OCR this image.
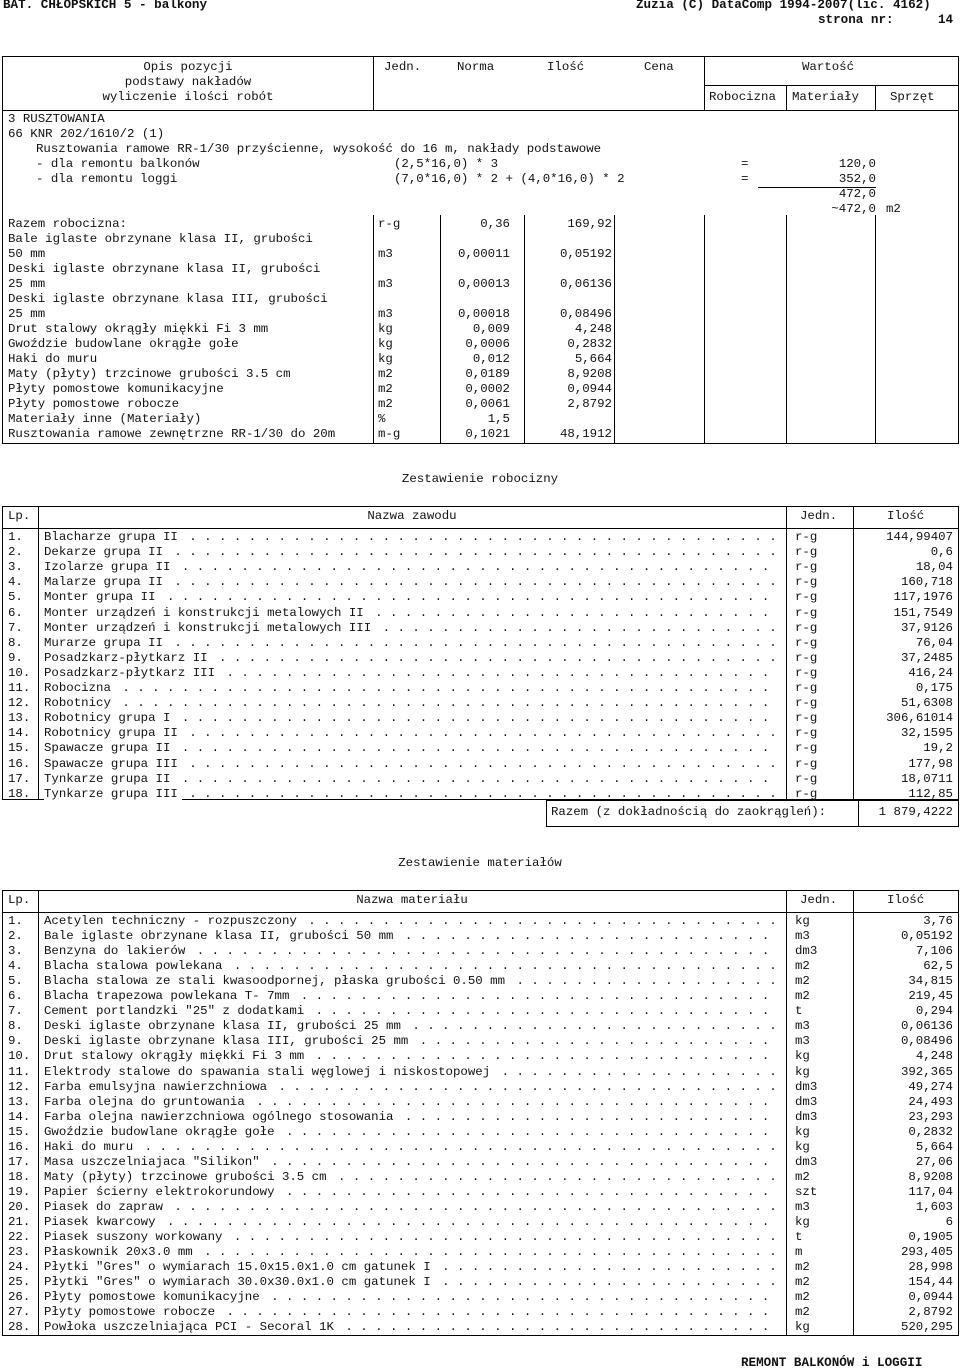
BAT. CHŁOPSKICH 5 - balkony	Zuzia (C) DataComp 1994-2007(lic. 4162)
strona nr:	14
Opis pozycji
podstawy nakładów
wyliczenie ilości robót
Jedn.	Norma	Ilość	Cena	Wartość
Robocizna Materiały	Sprzęt
3 RUSZTOWANIA
66 KNR 202/1610/2 (1)
Rusztowania ramowe RR-1/30 przyścienne, wysokość do 16 m, nakłady podstawowe
- dla remontu balkonów	(2,5*16,0) * 3	=	120,0
- dla remontu loggi	(7,0*16,0) * 2 + (4,0*16,0) * 2	=	352,0
472,0
~472,0 m2
Razem robocizna:	r-g	0,36	169,92
Bale iglaste obrzynane klasa II, grubości
50 mm	m3	0,00011	0,05192
Deski iglaste obrzynane klasa II, grubości
25 mm	m3	0,00013	0,06136
Deski iglaste obrzynane klasa III, grubości
25 mm	m3	0,00018	0,08496
Drut stalowy okrągły miękki Fi 3 mm	kg	0,009	4,248
Gwoździe budowlane okrągłe gołe	kg	0,0006	0,2832
Haki do muru	kg	0,012	5,664
Maty (płyty) trzcinowe grubości 3.5 cm	m2	0,0189	8,9208
Płyty pomostowe komunikacyjne	m2	0,0002	0,0944
Płyty pomostowe robocze	m2	0,0061	2,8792
Materiały inne (Materiały)	%	1,5
Rusztowania ramowe zewnętrzne RR-1/30 do 20m	m-g	0,1021	48,1912
Zestawienie robocizny
Lp.	Nazwa zawodu	Jedn.	Ilość
1. Blacharze grupa II . . . . . . . . . . . . . . . . . . . . . . . . . . . . . . . . . . . . . . . .	r-g	144,99407
2. Dekarze grupa II . . . . . . . . . . . . . . . . . . . . . . . . . . . . . . . . . . . . . . . . .	r-g	0,6
3. Izolarze grupa II . . . . . . . . . . . . . . . . . . . . . . . . . . . . . . . . . . . . . . . .	r-g	18,04
4. Malarze grupa II . . . . . . . . . . . . . . . . . . . . . . . . . . . . . . . . . . . . . . . . .	r-g	160,718
5. Monter grupa II . . . . . . . . . . . . . . . . . . . . . . . . . . . . . . . . . . . . . . . . .	r-g	117,1976
6. Monter urządzeń i konstrukcji metalowych II . . . . . . . . . . . . . . . . . . . . . . . . . . .	r-g	151,7549
7. Monter urządzeń i konstrukcji metalowych III . . . . . . . . . . . . . . . . . . . . . . . . . . .	r-g	37,9126
8. Murarze grupa II . . . . . . . . . . . . . . . . . . . . . . . . . . . . . . . . . . . . . . . . .	r-g	76,04
9. Posadzkarz-płytkarz II . . . . . . . . . . . . . . . . . . . . . . . . . . . . . . . . . . . . . .	r-g	37,2485
10. Posadzkarz-płytkarz III . . . . . . . . . . . . . . . . . . . . . . . . . . . . . . . . . . . . .	r-g	416,24
11. Robocizna . . . . . . . . . . . . . . . . . . . . . . . . . . . . . . . . . . . . . . . . . . . .	r-g	0,175
12. Robotnicy . . . . . . . . . . . . . . . . . . . . . . . . . . . . . . . . . . . . . . . . . . . .	r-g	51,6308
13. Robotnicy grupa I . . . . . . . . . . . . . . . . . . . . . . . . . . . . . . . . . . . . . . . .	r-g	306,61014
14. Robotnicy grupa II . . . . . . . . . . . . . . . . . . . . . . . . . . . . . . . . . . . . . . . .	r-g	32,1595
15. Spawacze grupa II . . . . . . . . . . . . . . . . . . . . . . . . . . . . . . . . . . . . . . . .	r-g	19,2
16. Spawacze grupa III . . . . . . . . . . . . . . . . . . . . . . . . . . . . . . . . . . . . . . . .	r-g	177,98
17. Tynkarze grupa II . . . . . . . . . . . . . . . . . . . . . . . . . . . . . . . . . . . . . . . .	r-g	18,0711
18. Tynkarze grupa III . . . . . . . . . . . . . . . . . . . . . . . . . . . . . . . . . . . . . . . .	r-g	112,85
Razem (z dokładnością do zaokrągleń):	1 879,4222
Zestawienie materiałów
Lp.	Nazwa materiału	Jedn.	Ilość
1. Acetylen techniczny - rozpuszczony . . . . . . . . . . . . . . . . . . . . . . . . . . . . . . . .	kg	3,76
2. Bale iglaste obrzynane klasa II, grubości 50 mm . . . . . . . . . . . . . . . . . . . . . . . . .	m3	0,05192
3. Benzyna do lakierów . . . . . . . . . . . . . . . . . . . . . . . . . . . . . . . . . . . . . . .	dm3	7,106
4. Blacha stalowa powlekana . . . . . . . . . . . . . . . . . . . . . . . . . . . . . . . . . . . . .	m2	62,5
5. Blacha stalowa ze stali kwasoodpornej, płaska grubości 0.50 mm . . . . . . . . . . . . . . . . . .	m2	34,815
6. Blacha trapezowa powlekana T- 7mm . . . . . . . . . . . . . . . . . . . . . . . . . . . . . . . .	m2	219,45
7. Cement portlandzki "25" z dodatkami . . . . . . . . . . . . . . . . . . . . . . . . . . . . . . .	t	0,294
8. Deski iglaste obrzynane klasa II, grubości 25 mm . . . . . . . . . . . . . . . . . . . . . . . . .	m3	0,06136
9. Deski iglaste obrzynane klasa III, grubości 25 mm . . . . . . . . . . . . . . . . . . . . . . . .	m3	0,08496
10. Drut stalowy okrągły miękki Fi 3 mm . . . . . . . . . . . . . . . . . . . . . . . . . . . . . . .	kg	4,248
11. Elektrody stalowe do spawania stali węglowej i niskostopowej . . . . . . . . . . . . . . . . . . .	kg	392,365
12. Farba emulsyjna nawierzchniowa . . . . . . . . . . . . . . . . . . . . . . . . . . . . . . . . . .	dm3	49,274
13. Farba olejna do gruntowania . . . . . . . . . . . . . . . . . . . . . . . . . . . . . . . . . . .	dm3	24,493
14. Farba olejna nawierzchniowa ogólnego stosowania . . . . . . . . . . . . . . . . . . . . . . . . .	dm3	23,293
15. Gwoździe budowlane okrągłe gołe . . . . . . . . . . . . . . . . . . . . . . . . . . . . . . . . .	kg	0,2832
16. Haki do muru . . . . . . . . . . . . . . . . . . . . . . . . . . . . . . . . . . . . . . . . . . .	kg	5,664
17. Masa uszczelniajaca "Silikon" . . . . . . . . . . . . . . . . . . . . . . . . . . . . . . . . . .	dm3	27,06
18. Maty (płyty) trzcinowe grubości 3.5 cm . . . . . . . . . . . . . . . . . . . . . . . . . . . . . .	m2	8,9208
19. Papier ścierny elektrokorundowy . . . . . . . . . . . . . . . . . . . . . . . . . . . . . . . . .	szt	117,04
20. Piasek do zapraw . . . . . . . . . . . . . . . . . . . . . . . . . . . . . . . . . . . . . . . . .	m3	1,603
21. Piasek kwarcowy . . . . . . . . . . . . . . . . . . . . . . . . . . . . . . . . . . . . . . . . .	kg	6
22. Piasek suszony workowany . . . . . . . . . . . . . . . . . . . . . . . . . . . . . . . . . . . . .	t	0,1905
23. Płaskownik 20x3.0 mm . . . . . . . . . . . . . . . . . . . . . . . . . . . . . . . . . . . . . . .	m	293,405
24. Płytki "Gres" o wymiarach 15.0x15.0x1.0 cm gatunek I . . . . . . . . . . . . . . . . . . . . . . .	m2	28,998
25. Płytki "Gres" o wymiarach 30.0x30.0x1.0 cm gatunek I . . . . . . . . . . . . . . . . . . . . . . .	m2	154,44
26. Płyty pomostowe komunikacyjne . . . . . . . . . . . . . . . . . . . . . . . . . . . . . . . . . .	m2	0,0944
27. Płyty pomostowe robocze . . . . . . . . . . . . . . . . . . . . . . . . . . . . . . . . . . . . .	m2	2,8792
28. Powłoka uszczelniająca PCI - Secoral 1K . . . . . . . . . . . . . . . . . . . . . . . . . . . . .	kg	520,295
REMONT BALKONÓW i LOGGII
